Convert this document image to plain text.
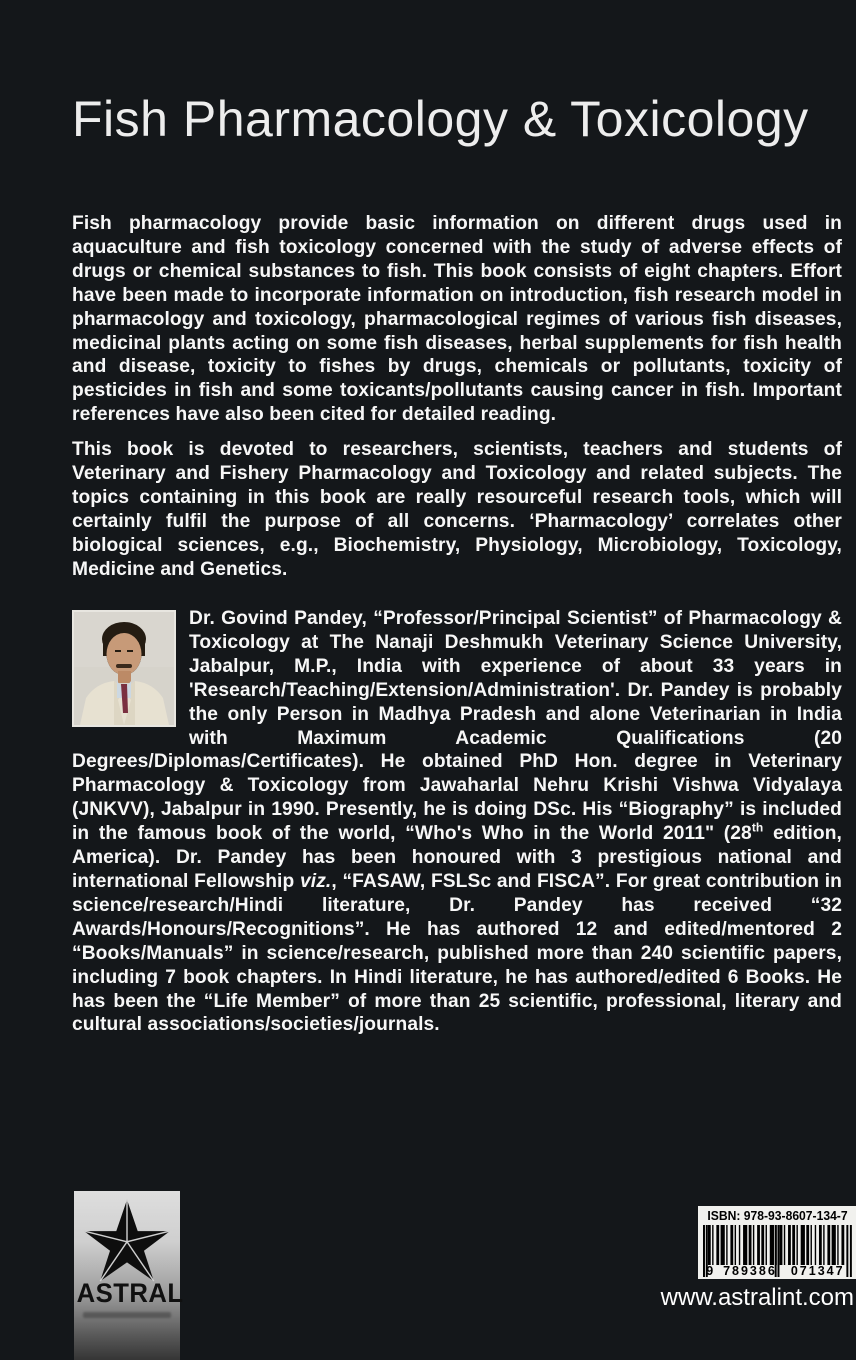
Fish Pharmacology & Toxicology

Fish pharmacology provide basic information on different drugs used in aquaculture and fish toxicology concerned with the study of adverse effects of drugs or chemical substances to fish. This book consists of eight chapters. Effort have been made to incorporate information on introduction, fish research model in pharmacology and toxicology, pharmacological regimes of various fish diseases, medicinal plants acting on some fish diseases, herbal supplements for fish health and disease, toxicity to fishes by drugs, chemicals or pollutants, toxicity of pesticides in fish and some toxicants/pollutants causing cancer in fish. Important references have also been cited for detailed reading.

This book is devoted to researchers, scientists, teachers and students of Veterinary and Fishery Pharmacology and Toxicology and related subjects. The topics containing in this book are really resourceful research tools, which will certainly fulfil the purpose of all concerns. ‘Pharmacology’ correlates other biological sciences, e.g., Biochemistry, Physiology, Microbiology, Toxicology, Medicine and Genetics.

Dr. Govind Pandey, “Professor/Principal Scientist” of Pharmacology & Toxicology at The Nanaji Deshmukh Veterinary Science University, Jabalpur, M.P., India with experience of about 33 years in 'Research/Teaching/Extension/Administration'. Dr. Pandey is probably the only Person in Madhya Pradesh and alone Veterinarian in India with Maximum Academic Qualifications (20 Degrees/Diplomas/Certificates). He obtained PhD Hon. degree in Veterinary Pharmacology & Toxicology from Jawaharlal Nehru Krishi Vishwa Vidyalaya (JNKVV), Jabalpur in 1990. Presently, he is doing DSc. His “Biography” is included in the famous book of the world, “Who's Who in the World 2011" (28th edition, America). Dr. Pandey has been honoured with 3 prestigious national and international Fellowship viz., “FASAW, FSLSc and FISCA”. For great contribution in science/research/Hindi literature, Dr. Pandey has received “32 Awards/Honours/Recognitions”. He has authored 12 and edited/mentored 2 “Books/Manuals” in science/research, published more than 240 scientific papers, including 7 book chapters. In Hindi literature, he has authored/edited 6 Books. He has been the “Life Member” of more than 25 scientific, professional, literary and cultural associations/societies/journals.
ASTRAL
ISBN: 978-93-8607-134-7
9 789386	071347
www.astralint.com
